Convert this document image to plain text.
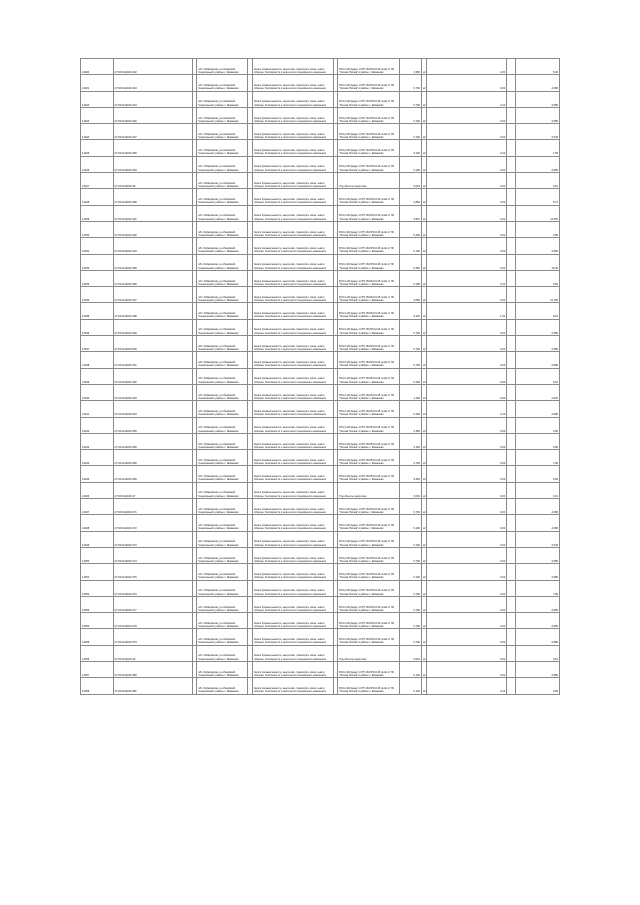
14020	27:02:0112010:432		обл. Хабаровская, р-н Лазовский-Генеральный и районе с. Шиманово		Земли промышленности, энергетики, транспорта, связи, земли обороны, безопасности и земли иного специального назначения		ВЛ-0,4 кВ фидер 1 КТП 160 ВЛ-10 кВ №111 от ПС "Лесная Поляна" в районе с. Шиманово	2,350	м²	2,00		5,40
14021	27:02:0112010:443		обл. Хабаровская, р-н Лазовский-Генеральный и районе с. Шиманово		Земли промышленности, энергетики, транспорта, связи, земли обороны, безопасности и земли иного специального назначения		ВЛ-0,4 кВ фидер 1 КТП 160 ВЛ-10 кВ №111 от ПС "Лесная Поляна" в районе с. Шиманово	0,700	м²	0,00		2,080
14022	27:02:0112010:444		обл. Хабаровская, р-н Лазовский-Генеральный и районе с. Шиманово		Земли промышленности, энергетики, транспорта, связи, земли обороны, безопасности и земли иного специального назначения		ВЛ-0,4 кВ фидер 1 КТП 160 ВЛ-10 кВ №111 от ПС "Лесная Поляна" в районе с. Шиманово	0,700	м²	0,10		2,080
14023	27:02:0112010:446		обл. Хабаровская, р-н Лазовский-Генеральный и районе с. Шиманово		Земли промышленности, энергетики, транспорта, связи, земли обороны, безопасности и земли иного специального назначения		ВЛ-0,4 кВ фидер 1 КТП 160 ВЛ-10 кВ №111 от ПС "Лесная Поляна" в районе с. Шиманово	0,100	м²	0,00		2,080
14024	27:02:0112010:447		обл. Хабаровская, р-н Лазовский-Генеральный и районе с. Шиманово		Земли промышленности, энергетики, транспорта, связи, земли обороны, безопасности и земли иного специального назначения		ВЛ-0,4 кВ фидер 1 КТП 160 ВЛ-10 кВ №111 от ПС "Лесная Поляна" в районе с. Шиманово	0,100	м²	0,00		2,040
14025	27:02:0112010:450		обл. Хабаровская, р-н Лазовский-Генеральный и районе с. Шиманово		Земли промышленности, энергетики, транспорта, связи, земли обороны, безопасности и земли иного специального назначения		ВЛ-0,4 кВ фидер 1 КТП 160 ВЛ-10 кВ №111 от ПС "Лесная Поляна" в районе с. Шиманово	3,100	м²	0,10		7,60
14026	27:02:0112010:453		обл. Хабаровская, р-н Лазовский-Генеральный и районе с. Шиманово		Земли промышленности, энергетики, транспорта, связи, земли обороны, безопасности и земли иного специального назначения		ВЛ-0,4 кВ фидер 1 КТП 160 ВЛ-10 кВ №111 от ПС "Лесная Поляна" в районе с. Шиманово	0,100	м²	0,00		2,080
14027	27:02:0112010:48		обл. Хабаровская, р-н Лазовский-Генеральный и районе с. Шиманово		Земли промышленности, энергетики, транспорта, связи, земли обороны, безопасности и земли иного специального назначения		Под объекты энергетики	0,004	м²	0,00		0,10
14028	27:02:0112010:480		обл. Хабаровская, р-н Лазовский-Генеральный и районе с. Шиманово		Земли промышленности, энергетики, транспорта, связи, земли обороны, безопасности и земли иного специального назначения		ВЛ-0,4 кВ фидер 1 КТП 160 ВЛ-10 кВ №111 от ПС "Лесная Поляна" в районе с. Шиманово	2,860	м²	2,00		5,72
14029	27:02:0112010:491		обл. Хабаровская, р-н Лазовский-Генеральный и районе с. Шиманово		Земли промышленности, энергетики, транспорта, связи, земли обороны, безопасности и земли иного специального назначения		ВЛ-0,4 кВ фидер 1 КТП 160 ВЛ-10 кВ №111 от ПС "Лесная Поляна" в районе с. Шиманово	3,970	м²	2,00		11,000
14030	27:02:0112010:492		обл. Хабаровская, р-н Лазовский-Генеральный и районе с. Шиманово		Земли промышленности, энергетики, транспорта, связи, земли обороны, безопасности и земли иного специального назначения		ВЛ-0,4 кВ фидер 1 КТП 160 ВЛ-10 кВ №111 от ПС "Лесная Поляна" в районе с. Шиманово	0,400	м²	0,00		4,80
14031	27:02:0112010:494		обл. Хабаровская, р-н Лазовский-Генеральный и районе с. Шиманово		Земли промышленности, энергетики, транспорта, связи, земли обороны, безопасности и земли иного специального назначения		ВЛ-0,4 кВ фидер 1 КТП 160 ВЛ-10 кВ №111 от ПС "Лесная Поляна" в районе с. Шиманово	0,100	м²	0,00		2,080
14032	27:02:0112010:495		обл. Хабаровская, р-н Лазовский-Генеральный и районе с. Шиманово		Земли промышленности, энергетики, транспорта, связи, земли обороны, безопасности и земли иного специального назначения		ВЛ-0,4 кВ фидер 1 КТП 160 ВЛ-10 кВ №111 от ПС "Лесная Поляна" в районе с. Шиманово	0,460	м²	0,00		10,40
14033	27:02:0112010:496		обл. Хабаровская, р-н Лазовский-Генеральный и районе с. Шиманово		Земли промышленности, энергетики, транспорта, связи, земли обороны, безопасности и земли иного специального назначения		ВЛ-0,4 кВ фидер 1 КТП 160 ВЛ-10 кВ №111 от ПС "Лесная Поляна" в районе с. Шиманово	0,100	м²	0,10		0,84
14034	27:02:0112010:497		обл. Хабаровская, р-н Лазовский-Генеральный и районе с. Шиманово		Земли промышленности, энергетики, транспорта, связи, земли обороны, безопасности и земли иного специального назначения		ВЛ-0,4 кВ фидер 1 КТП 160 ВЛ-10 кВ №111 от ПС "Лесная Поляна" в районе с. Шиманово	4,050	м²	0,00		11,700
14035	27:02:0112010:498		обл. Хабаровская, р-н Лазовский-Генеральный и районе с. Шиманово		Земли промышленности, энергетики, транспорта, связи, земли обороны, безопасности и земли иного специального назначения		ВЛ-0,4 кВ фидер 1 КТП 160 ВЛ-10 кВ №111 от ПС "Лесная Поляна" в районе с. Шиманово	3,120	м²	1,00		8,24
14036	27:02:0112010:499		обл. Хабаровская, р-н Лазовский-Генеральный и районе с. Шиманово		Земли промышленности, энергетики, транспорта, связи, земли обороны, безопасности и земли иного специального назначения		ВЛ-0,4 кВ фидер 1 КТП 160 ВЛ-10 кВ №111 от ПС "Лесная Поляна" в районе с. Шиманово	0,700	м²	0,00		2,080
14037	27:02:0112010:500		обл. Хабаровская, р-н Лазовский-Генеральный и районе с. Шиманово		Земли промышленности, энергетики, транспорта, связи, земли обороны, безопасности и земли иного специального назначения		ВЛ-0,4 кВ фидер 1 КТП 160 ВЛ-10 кВ №111 от ПС "Лесная Поляна" в районе с. Шиманово	0,700	м²	2,00		2,080
14038	27:02:0112010:461		обл. Хабаровская, р-н Лазовский-Генеральный и районе с. Шиманово		Земли промышленности, энергетики, транспорта, связи, земли обороны, безопасности и земли иного специального назначения		ВЛ-0,4 кВ фидер 1 КТП 160 ВЛ-10 кВ №111 от ПС "Лесная Поляна" в районе с. Шиманово	0,700	м²	0,00		2,080
14039	27:02:0112010:462		обл. Хабаровская, р-н Лазовский-Генеральный и районе с. Шиманово		Земли промышленности, энергетики, транспорта, связи, земли обороны, безопасности и земли иного специального назначения		ВЛ-0,4 кВ фидер 1 КТП 160 ВЛ-10 кВ №111 от ПС "Лесная Поляна" в районе с. Шиманово	0,100	м²	0,00		6,64
14040	27:02:0112010:463		обл. Хабаровская, р-н Лазовский-Генеральный и районе с. Шиманово		Земли промышленности, энергетики, транспорта, связи, земли обороны, безопасности и земли иного специального назначения		ВЛ-0,4 кВ фидер 1 КТП 160 ВЛ-10 кВ №111 от ПС "Лесная Поляна" в районе с. Шиманово	1,100	м²	0,00		2,020
14041	27:02:0112010:464		обл. Хабаровская, р-н Лазовский-Генеральный и районе с. Шиманово		Земли промышленности, энергетики, транспорта, связи, земли обороны, безопасности и земли иного специального назначения		ВЛ-0,4 кВ фидер 1 КТП 160 ВЛ-10 кВ №111 от ПС "Лесная Поляна" в районе с. Шиманово	0,100	м²	0,10		2,080
14042	27:02:0112010:465		обл. Хабаровская, р-н Лазовский-Генеральный и районе с. Шиманово		Земли промышленности, энергетики, транспорта, связи, земли обороны, безопасности и земли иного специального назначения		ВЛ-0,4 кВ фидер 1 КТП 160 ВЛ-10 кВ №111 от ПС "Лесная Поляна" в районе с. Шиманово	2,380	м²	0,00		4,60
14043	27:02:0112010:466		обл. Хабаровская, р-н Лазовский-Генеральный и районе с. Шиманово		Земли промышленности, энергетики, транспорта, связи, земли обороны, безопасности и земли иного специального назначения		ВЛ-0,4 кВ фидер 1 КТП 160 ВЛ-10 кВ №111 от ПС "Лесная Поляна" в районе с. Шиманово	3,100	м²	0,00		6,80
14044	27:02:0112010:468		обл. Хабаровская, р-н Лазовский-Генеральный и районе с. Шиманово		Земли промышленности, энергетики, транспорта, связи, земли обороны, безопасности и земли иного специального назначения		ВЛ-0,4 кВ фидер 1 КТП 160 ВЛ-10 кВ №111 от ПС "Лесная Поляна" в районе с. Шиманово	0,700	м²	0,00		7,80
14045	27:02:0112010:469		обл. Хабаровская, р-н Лазовский-Генеральный и районе с. Шиманово		Земли промышленности, энергетики, транспорта, связи, земли обороны, безопасности и земли иного специального назначения		ВЛ-0,4 кВ фидер 1 КТП 160 ВЛ-10 кВ №111 от ПС "Лесная Поляна" в районе с. Шиманово	3,460	м²	2,00		6,92
14046	27:02:0112010:47		обл. Хабаровская, р-н Лазовский-Генеральный и районе с. Шиманово		Земли промышленности, энергетики, транспорта, связи, земли обороны, безопасности и земли иного специального назначения		Под объекты энергетики	0,004	м²	0,00		0,10
14047	27:02:0112010:471		обл. Хабаровская, р-н Лазовский-Генеральный и районе с. Шиманово		Земли промышленности, энергетики, транспорта, связи, земли обороны, безопасности и земли иного специального назначения		ВЛ-0,4 кВ фидер 1 КТП 160 ВЛ-10 кВ №111 от ПС "Лесная Поляна" в районе с. Шиманово	0,700	м²	0,00		2,080
14048	27:02:0112010:472		обл. Хабаровская, р-н Лазовский-Генеральный и районе с. Шиманово		Земли промышленности, энергетики, транспорта, связи, земли обороны, безопасности и земли иного специального назначения		ВЛ-0,4 кВ фидер 1 КТП 160 ВЛ-10 кВ №111 от ПС "Лесная Поляна" в районе с. Шиманово	0,100	м²	0,00		2,080
14049	27:02:0112010:473		обл. Хабаровская, р-н Лазовский-Генеральный и районе с. Шиманово		Земли промышленности, энергетики, транспорта, связи, земли обороны, безопасности и земли иного специального назначения		ВЛ-0,4 кВ фидер 1 КТП 160 ВЛ-10 кВ №111 от ПС "Лесная Поляна" в районе с. Шиманово	0,100	м²	0,00		2,040
14050	27:02:0112010:474		обл. Хабаровская, р-н Лазовский-Генеральный и районе с. Шиманово		Земли промышленности, энергетики, транспорта, связи, земли обороны, безопасности и земли иного специального назначения		ВЛ-0,4 кВ фидер 1 КТП 160 ВЛ-10 кВ №111 от ПС "Лесная Поляна" в районе с. Шиманово	0,700	м²	0,00		2,080
14051	27:02:0112010:475		обл. Хабаровская, р-н Лазовский-Генеральный и районе с. Шиманово		Земли промышленности, энергетики, транспорта, связи, земли обороны, безопасности и земли иного специального назначения		ВЛ-0,4 кВ фидер 1 КТП 160 ВЛ-10 кВ №111 от ПС "Лесная Поляна" в районе с. Шиманово	0,100	м²	0,00		2,080
14052	27:02:0112010:476		обл. Хабаровская, р-н Лазовский-Генеральный и районе с. Шиманово		Земли промышленности, энергетики, транспорта, связи, земли обороны, безопасности и земли иного специального назначения		ВЛ-0,4 кВ фидер 1 КТП 160 ВЛ-10 кВ №111 от ПС "Лесная Поляна" в районе с. Шиманово	0,700	м²	0,00		7,80
14053	27:02:0112010:477		обл. Хабаровская, р-н Лазовский-Генеральный и районе с. Шиманово		Земли промышленности, энергетики, транспорта, связи, земли обороны, безопасности и земли иного специального назначения		ВЛ-0,4 кВ фидер 1 КТП 160 ВЛ-10 кВ №111 от ПС "Лесная Поляна" в районе с. Шиманово	0,700	м²	0,00		2,080
14054	27:02:0112010:478		обл. Хабаровская, р-н Лазовский-Генеральный и районе с. Шиманово		Земли промышленности, энергетики, транспорта, связи, земли обороны, безопасности и земли иного специального назначения		ВЛ-0,4 кВ фидер 1 КТП 160 ВЛ-10 кВ №111 от ПС "Лесная Поляна" в районе с. Шиманово	0,700	м²	2,00		2,080
14055	27:02:0112010:479		обл. Хабаровская, р-н Лазовский-Генеральный и районе с. Шиманово		Земли промышленности, энергетики, транспорта, связи, земли обороны, безопасности и земли иного специального назначения		ВЛ-0,4 кВ фидер 1 КТП 160 ВЛ-10 кВ №111 от ПС "Лесная Поляна" в районе с. Шиманово	0,700	м²	0,00		2,080
14056	27:02:0112010:49		обл. Хабаровская, р-н Лазовский-Генеральный и районе с. Шиманово		Земли промышленности, энергетики, транспорта, связи, земли обороны, безопасности и земли иного специального назначения		Под объекты энергетики	0,004	м²	0,00		0,10
14057	27:02:0112010:480		обл. Хабаровская, р-н Лазовский-Генеральный и районе с. Шиманово		Земли промышленности, энергетики, транспорта, связи, земли обороны, безопасности и земли иного специального назначения		ВЛ-0,4 кВ фидер 1 КТП 160 ВЛ-10 кВ №111 от ПС "Лесная Поляна" в районе с. Шиманово	0,100	м²	0,00		2,080
14058	27:02:0112010:481		обл. Хабаровская, р-н Лазовский-Генеральный и районе с. Шиманово		Земли промышленности, энергетики, транспорта, связи, земли обороны, безопасности и земли иного специального назначения		ВЛ-0,4 кВ фидер 1 КТП 160 ВЛ-10 кВ №111 от ПС "Лесная Поляна" в районе с. Шиманово	0,100	м²	0,10		0,84
